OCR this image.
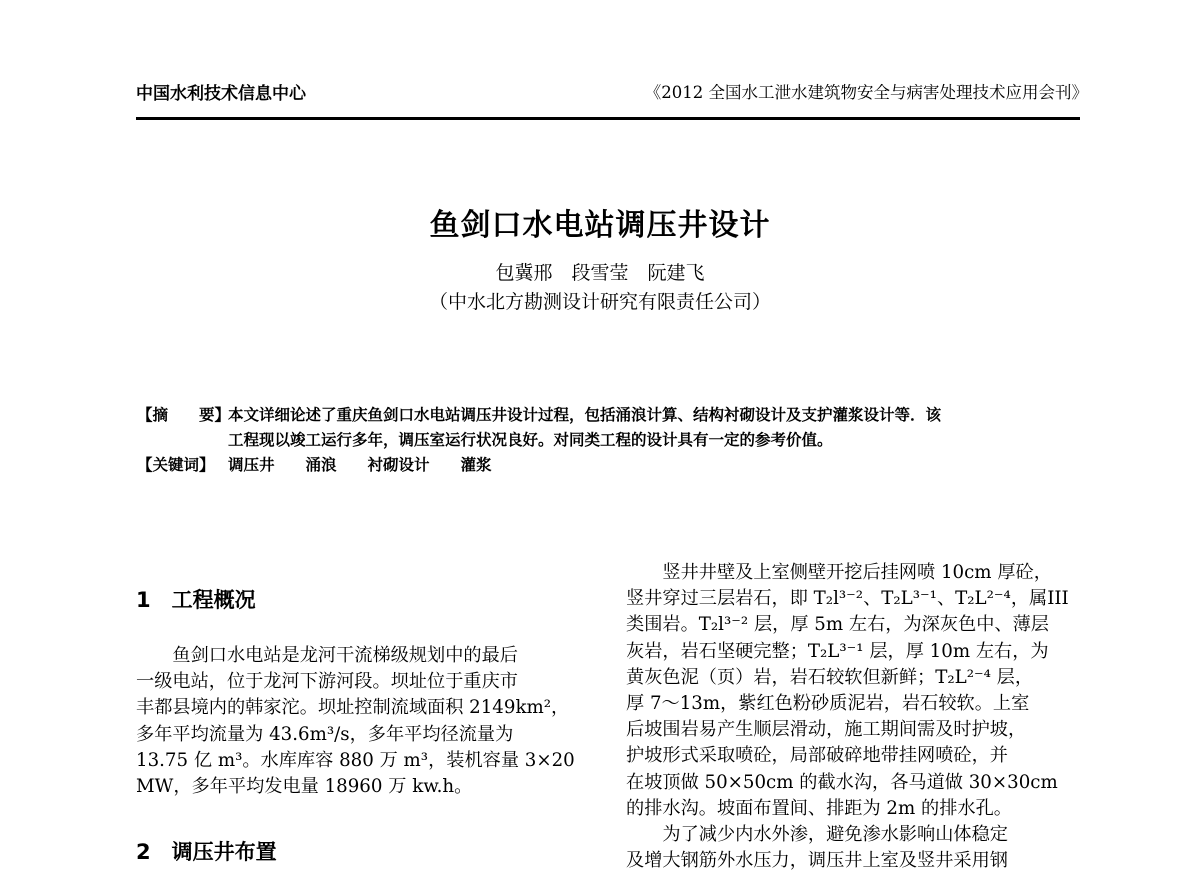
中国水利技术信息中心	《2012 全国水工泄水建筑物安全与病害处理技术应用会刊》
鱼剑口水电站调压井设计
包冀邢　段雪莹　阮建飞
（中水北方勘测设计研究有限责任公司）
【摘　　要】
本文详细论述了重庆鱼剑口水电站调压井设计过程，包括涌浪计算、结构衬砌设计及支护灌浆设计等．该
工程现以竣工运行多年，调压室运行状况良好。对同类工程的设计具有一定的参考价值。
【关键词】 调压井　　涌浪　　衬砌设计　　灌浆
1　工程概况

　　鱼剑口水电站是龙河干流梯级规划中的最后

一级电站，位于龙河下游河段。坝址位于重庆市

丰都县境内的韩家沱。坝址控制流域面积 2149km²，

多年平均流量为 43.6m³/s，多年平均径流量为

13.75 亿 m³。水库库容 880 万 m³，装机容量 3×20

MW，多年平均发电量 18960 万 kw.h。

2　调压井布置

　　竖井井壁及上室侧壁开挖后挂网喷 10cm 厚砼，

竖井穿过三层岩石，即 T₂l³⁻²、T₂L³⁻¹、T₂L²⁻⁴，属III

类围岩。T₂l³⁻² 层，厚 5m 左右，为深灰色中、薄层

灰岩，岩石坚硬完整；T₂L³⁻¹ 层，厚 10m 左右，为

黄灰色泥（页）岩，岩石较软但新鲜；T₂L²⁻⁴ 层，

厚 7～13m，紫红色粉砂质泥岩，岩石较软。上室

后坡围岩易产生顺层滑动，施工期间需及时护坡，

护坡形式采取喷砼，局部破碎地带挂网喷砼，并

在坡顶做 50×50cm 的截水沟，各马道做 30×30cm

的排水沟。坡面布置间、排距为 2m 的排水孔。

　　为了减少内水外渗，避免渗水影响山体稳定

及增大钢筋外水压力，调压井上室及竖井采用钢
